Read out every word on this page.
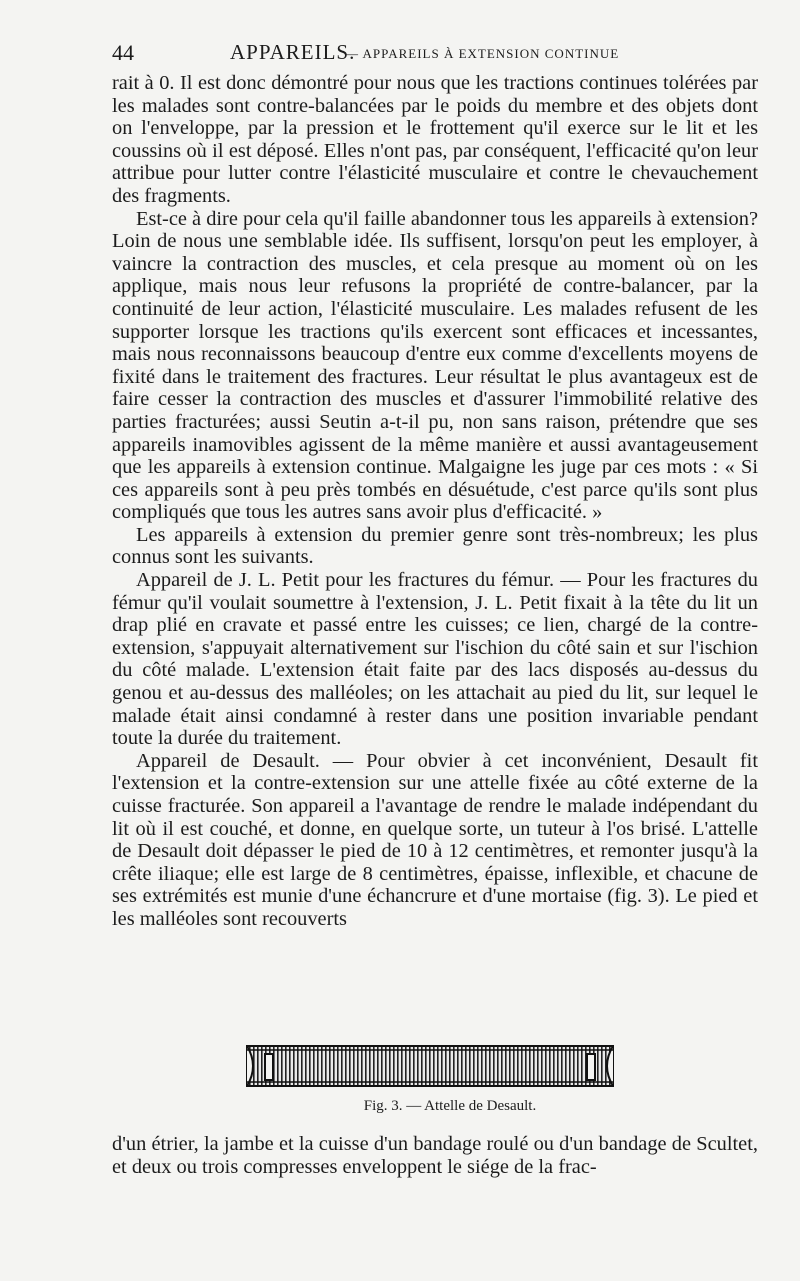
44	APPAREILS.
— APPAREILS À EXTENSION CONTINUE

rait à 0. Il est donc démontré pour nous que les tractions continues tolérées par les malades sont contre-balancées par le poids du membre et des objets dont on l'enveloppe, par la pression et le frottement qu'il exerce sur le lit et les coussins où il est déposé. Elles n'ont pas, par conséquent, l'efficacité qu'on leur attribue pour lutter contre l'élasticité musculaire et contre le chevauchement des fragments.

Est-ce à dire pour cela qu'il faille abandonner tous les appareils à extension? Loin de nous une semblable idée. Ils suffisent, lorsqu'on peut les employer, à vaincre la contraction des muscles, et cela presque au moment où on les applique, mais nous leur refusons la propriété de contre-balancer, par la continuité de leur action, l'élasticité musculaire. Les malades refusent de les supporter lorsque les tractions qu'ils exercent sont efficaces et incessantes, mais nous reconnaissons beaucoup d'entre eux comme d'excellents moyens de fixité dans le traitement des fractures. Leur résultat le plus avantageux est de faire cesser la contraction des muscles et d'assurer l'immobilité relative des parties fracturées; aussi Seutin a-t-il pu, non sans raison, prétendre que ses appareils inamovibles agissent de la même manière et aussi avantageusement que les appareils à extension continue. Malgaigne les juge par ces mots : « Si ces appareils sont à peu près tombés en désuétude, c'est parce qu'ils sont plus compliqués que tous les autres sans avoir plus d'efficacité. »

Les appareils à extension du premier genre sont très-nombreux; les plus connus sont les suivants.

Appareil de J. L. Petit pour les fractures du fémur. — Pour les fractures du fémur qu'il voulait soumettre à l'extension, J. L. Petit fixait à la tête du lit un drap plié en cravate et passé entre les cuisses; ce lien, chargé de la contre-extension, s'appuyait alternativement sur l'ischion du côté sain et sur l'ischion du côté malade. L'extension était faite par des lacs disposés au-dessus du genou et au-dessus des malléoles; on les attachait au pied du lit, sur lequel le malade était ainsi condamné à rester dans une position invariable pendant toute la durée du traitement.

Appareil de Desault. — Pour obvier à cet inconvénient, Desault fit l'extension et la contre-extension sur une attelle fixée au côté externe de la cuisse fracturée. Son appareil a l'avantage de rendre le malade indépendant du lit où il est couché, et donne, en quelque sorte, un tuteur à l'os brisé. L'attelle de Desault doit dépasser le pied de 10 à 12 centimètres, et remonter jusqu'à la crête iliaque; elle est large de 8 centimètres, épaisse, inflexible, et chacune de ses extrémités est munie d'une échancrure et d'une mortaise (fig. 3). Le pied et les malléoles sont recouverts

Fig. 3. — Attelle de Desault.
d'un étrier, la jambe et la cuisse d'un bandage roulé ou d'un bandage de Scultet, et deux ou trois compresses enveloppent le siége de la frac-
